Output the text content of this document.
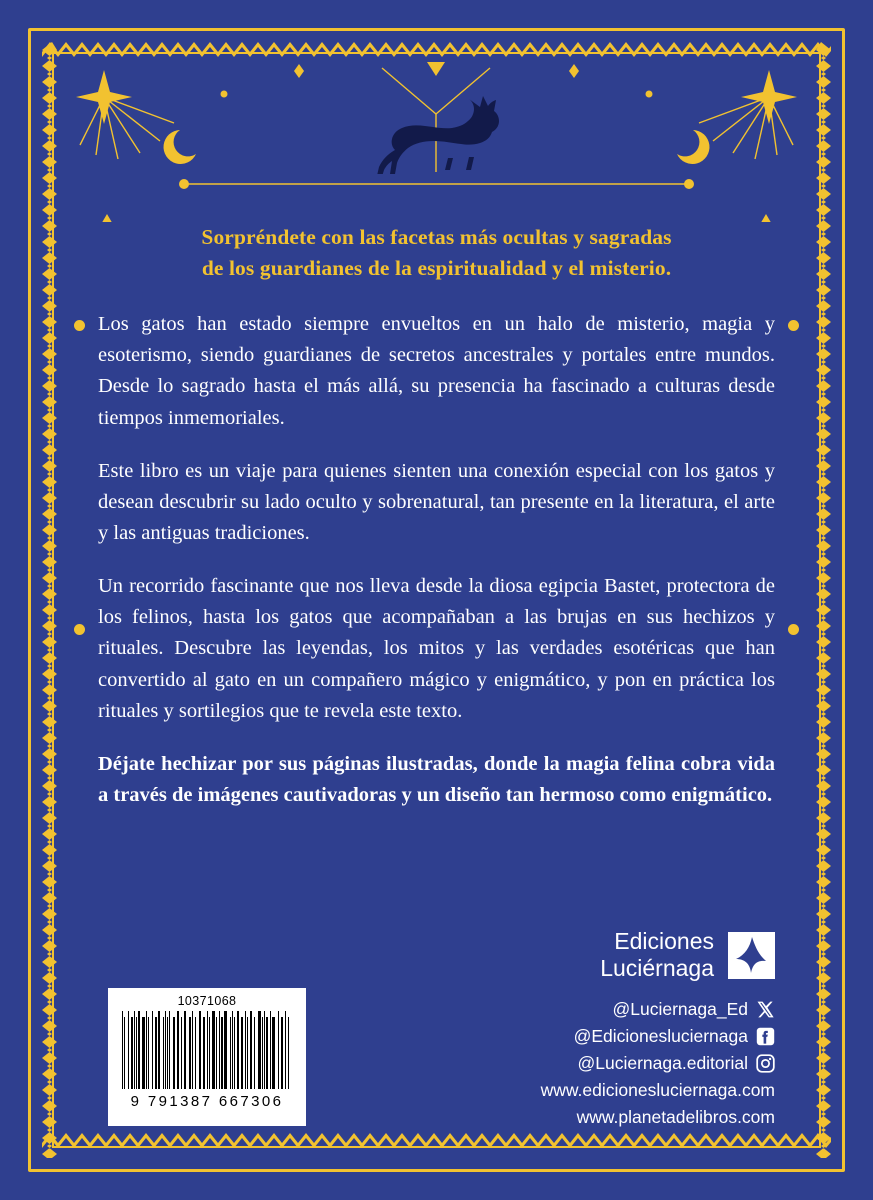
Sorpréndete con las facetas más ocultas y sagradas
de los guardianes de la espiritualidad y el misterio.

Los gatos han estado siempre envueltos en un halo de misterio, magia y esoterismo, siendo guardianes de secretos ancestrales y portales entre mundos. Desde lo sagrado hasta el más allá, su presencia ha fascinado a culturas desde tiempos inmemoriales.

Este libro es un viaje para quienes sienten una conexión especial con los gatos y desean descubrir su lado oculto y sobrenatural, tan presente en la literatura, el arte y las antiguas tradiciones.

Un recorrido fascinante que nos lleva desde la diosa egipcia Bastet, protectora de los felinos, hasta los gatos que acompañaban a las brujas en sus hechizos y rituales. Descubre las leyendas, los mitos y las verdades esotéricas que han convertido al gato en un compañero mágico y enigmático, y pon en práctica los rituales y sortilegios que te revela este texto.

Déjate hechizar por sus páginas ilustradas, donde la magia felina cobra vida a través de imágenes cautivadoras y un diseño tan hermoso como enigmático.

Ediciones
Luciérnaga
@Luciernaga_Ed
@Edicionesluciernaga
@Luciernaga.editorial
www.edicionesluciernaga.com
www.planetadelibros.com
10371068
9 791387 667306
